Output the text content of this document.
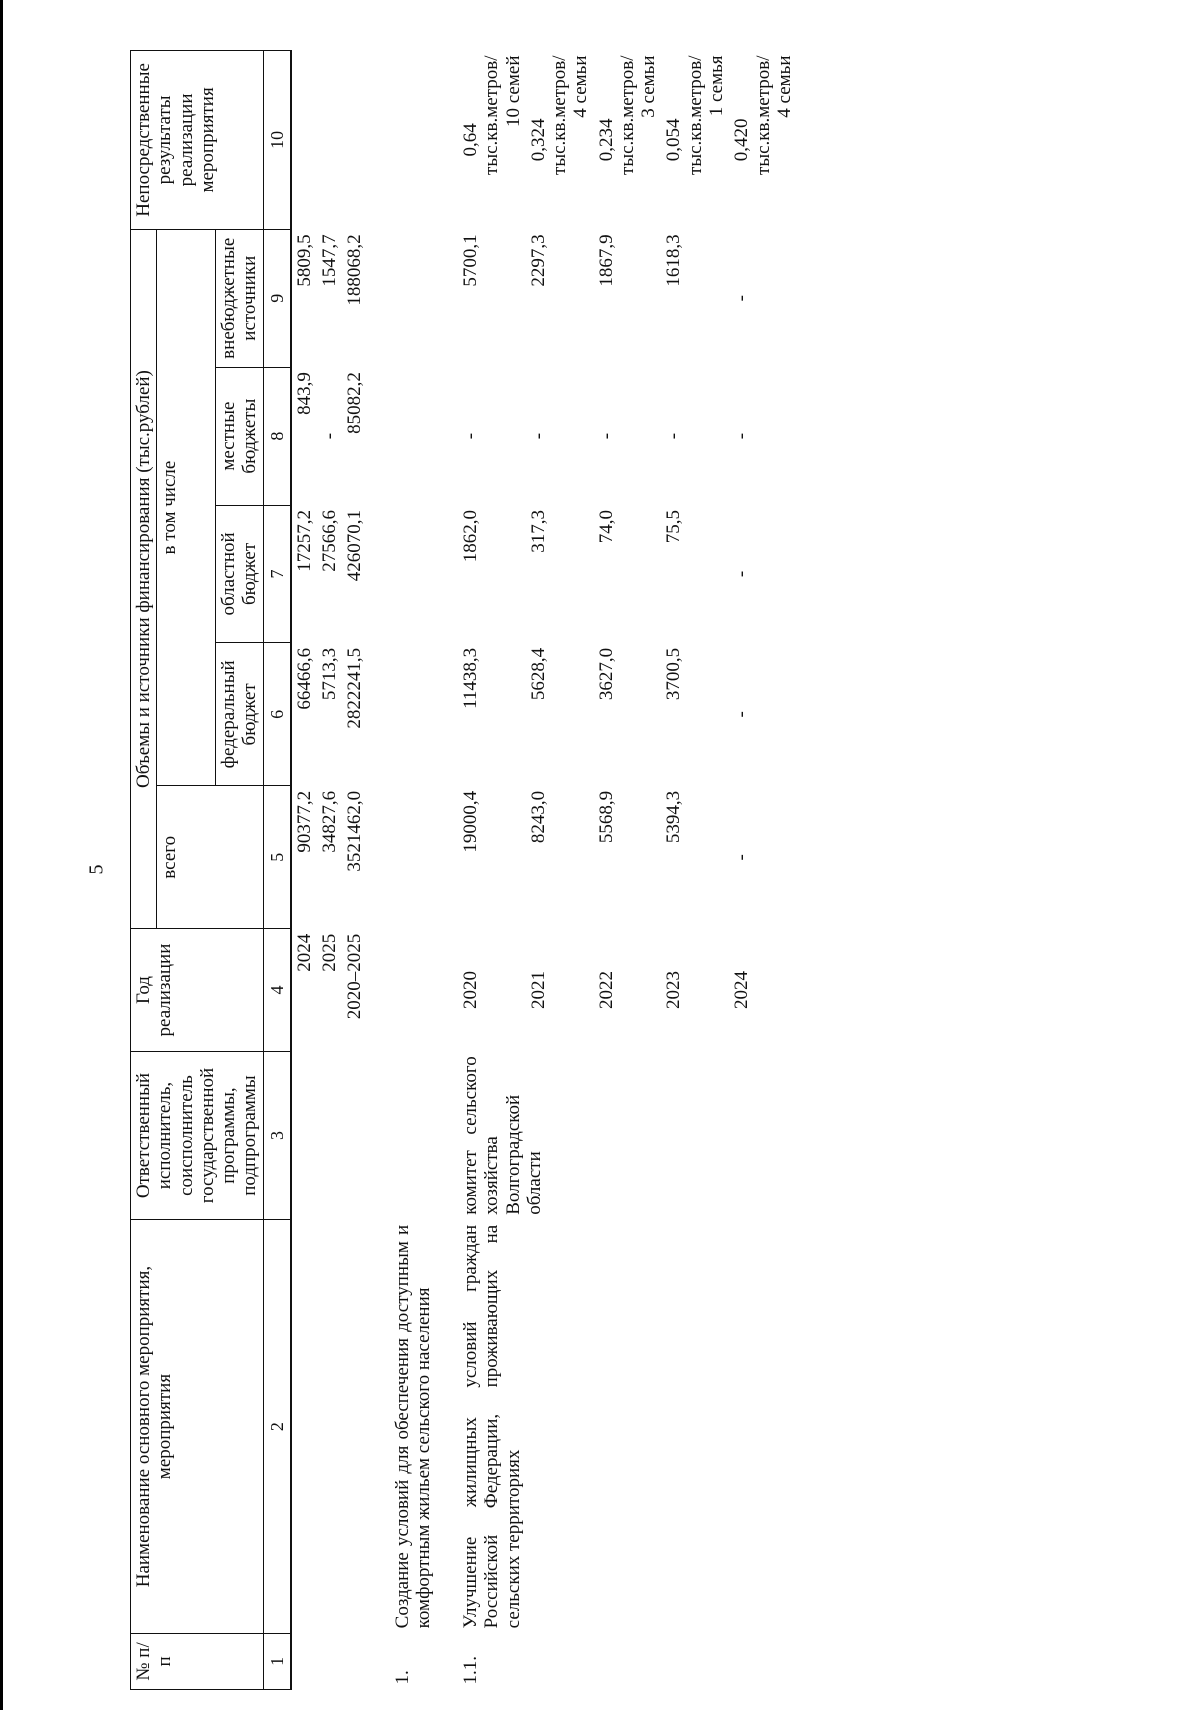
5
№ п/п	Наименование основного мероприятия, мероприятия	Ответственный исполнитель, соисполнитель государственной программы, подпрограммы	Год реализации	Объемы и источники финансирования (тыс.рублей)					Непосредственные результаты реализации мероприятия
				всего	в том числе				
					федеральный бюджет	областной бюджет	местные бюджеты	внебюджетные источники	
1	2	3	4	5	6	7	8	9	10
			2024	90377,2	66466,6	17257,2	843,9	5809,5	
			2025	34827,6	5713,3	27566,6	-	1547,7	
			2020–2025	3521462,0	2822241,5	426070,1	85082,2	188068,2	

1.	Создание условий для обеспечения доступным и комфортным жильем сельского населения								

1.1.	Улучшение жилищных условий граждан Российской Федерации, проживающих на сельских территориях	комитет сельского хозяйства Волгоградской области	2020	19000,4	11438,3	1862,0	-	5700,1	0,64 тыс.кв.метров/ 10 семей

			2021	8243,0	5628,4	317,3	-	2297,3	0,324 тыс.кв.метров/ 4 семьи

			2022	5568,9	3627,0	74,0	-	1867,9	0,234 тыс.кв.метров/ 3 семьи

			2023	5394,3	3700,5	75,5	-	1618,3	0,054 тыс.кв.метров/ 1 семья

			2024	-	-	-	-	-	0,420 тыс.кв.метров/ 4 семьи
